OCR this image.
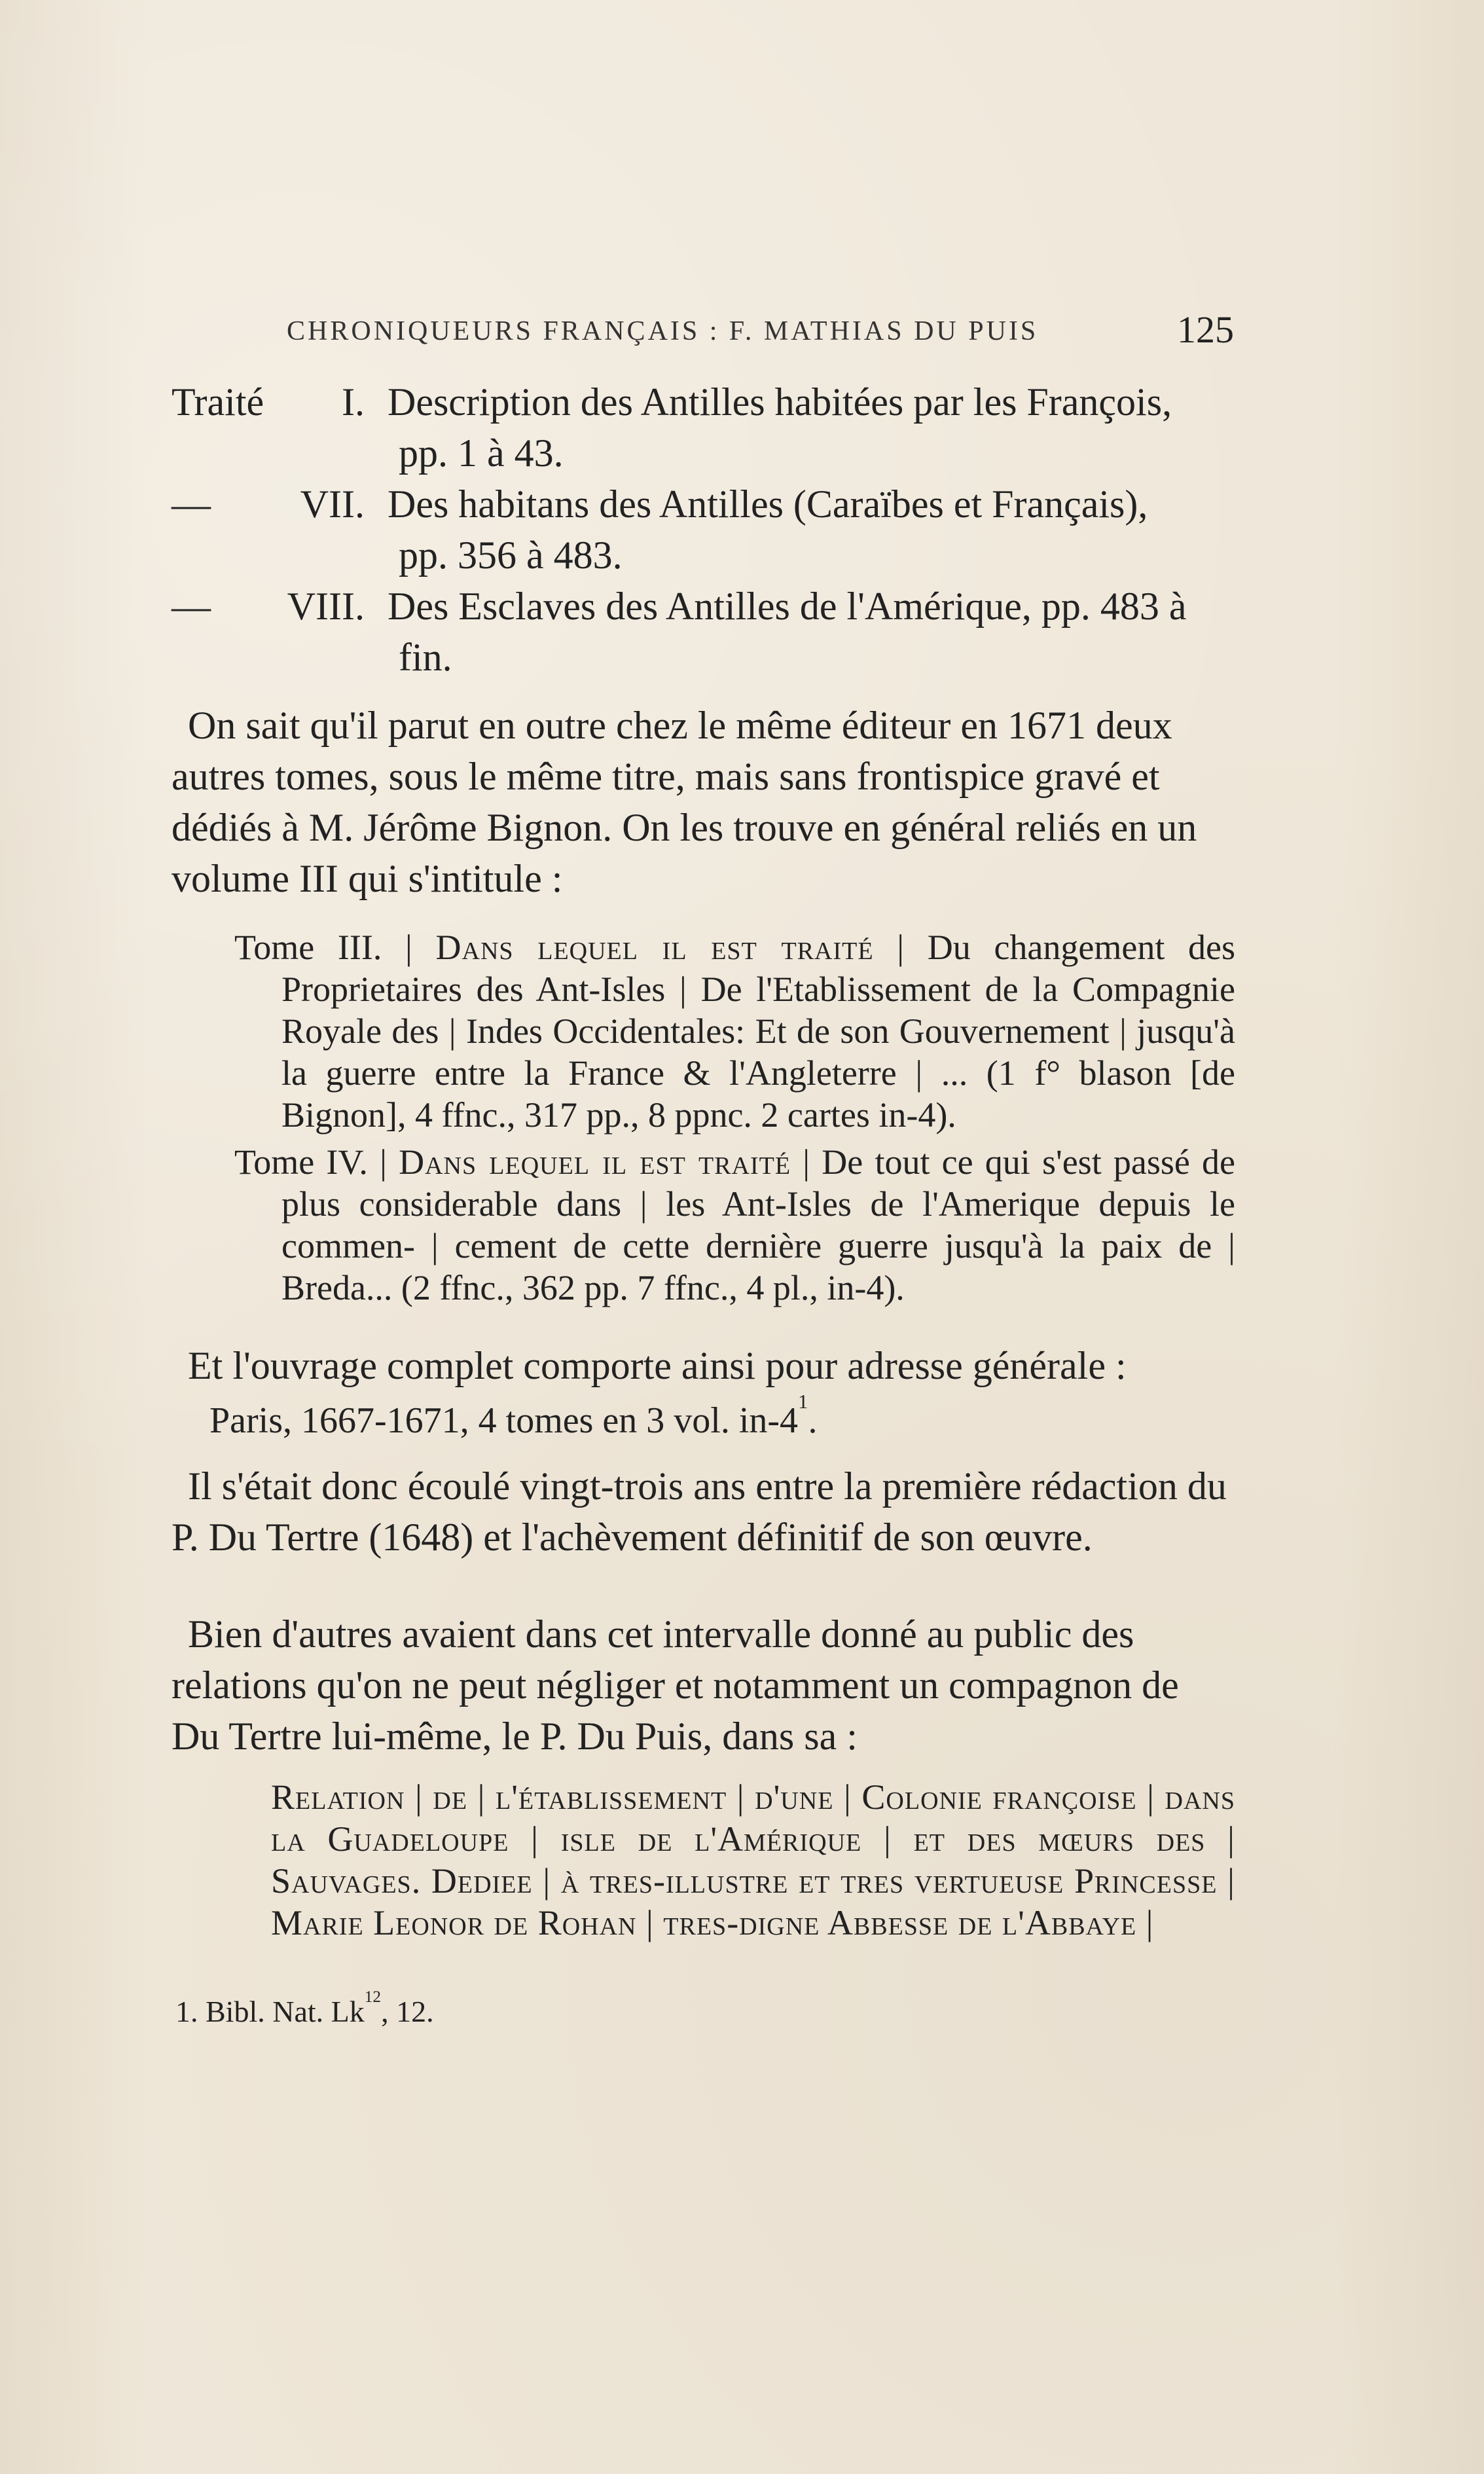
CHRONIQUEURS FRANÇAIS : F. MATHIAS DU PUIS	125
Traité I. Description des Antilles habitées par les François,
pp. 1 à 43.
— VII. Des habitans des Antilles (Caraïbes et Français),
pp. 356 à 483.
— VIII. Des Esclaves des Antilles de l'Amérique, pp. 483 à
fin.

On sait qu'il parut en outre chez le même éditeur en 1671 deux autres tomes, sous le même titre, mais sans frontispice gravé et dédiés à M. Jérôme Bignon. On les trouve en général reliés en un volume III qui s'intitule :

Tome III. | Dans lequel il est traité | Du changement des Proprietaires des Ant-Isles | De l'Etablissement de la Compagnie Royale des | Indes Occidentales: Et de son Gouvernement | jusqu'à la guerre entre la France & l'Angleterre | ... (1 f° blason [de Bignon], 4 ffnc., 317 pp., 8 ppnc. 2 cartes in-4).

Tome IV. | Dans lequel il est traité | De tout ce qui s'est passé de plus considerable dans | les Ant-Isles de l'Amerique depuis le commen- | cement de cette dernière guerre jusqu'à la paix de | Breda... (2 ffnc., 362 pp. 7 ffnc., 4 pl., in-4).

Et l'ouvrage complet comporte ainsi pour adresse générale :

Paris, 1667-1671, 4 tomes en 3 vol. $in-4^1$.

Il s'était donc écoulé vingt-trois ans entre la première rédaction du P. Du Tertre (1648) et l'achèvement définitif de son œuvre.

Bien d'autres avaient dans cet intervalle donné au public des relations qu'on ne peut négliger et notamment un compagnon de Du Tertre lui-même, le P. Du Puis, dans sa :

Relation | de | l'établissement | d'une | Colonie françoise | dans la Guadeloupe | isle de l'Amérique | et des mœurs des | Sauvages. Dediee | à tres-illustre et tres vertueuse Princesse | Marie Leonor de Rohan | tres-digne Abbesse de l'Abbaye |

1. Bibl. Nat. Lk$^{12}$, 12.
